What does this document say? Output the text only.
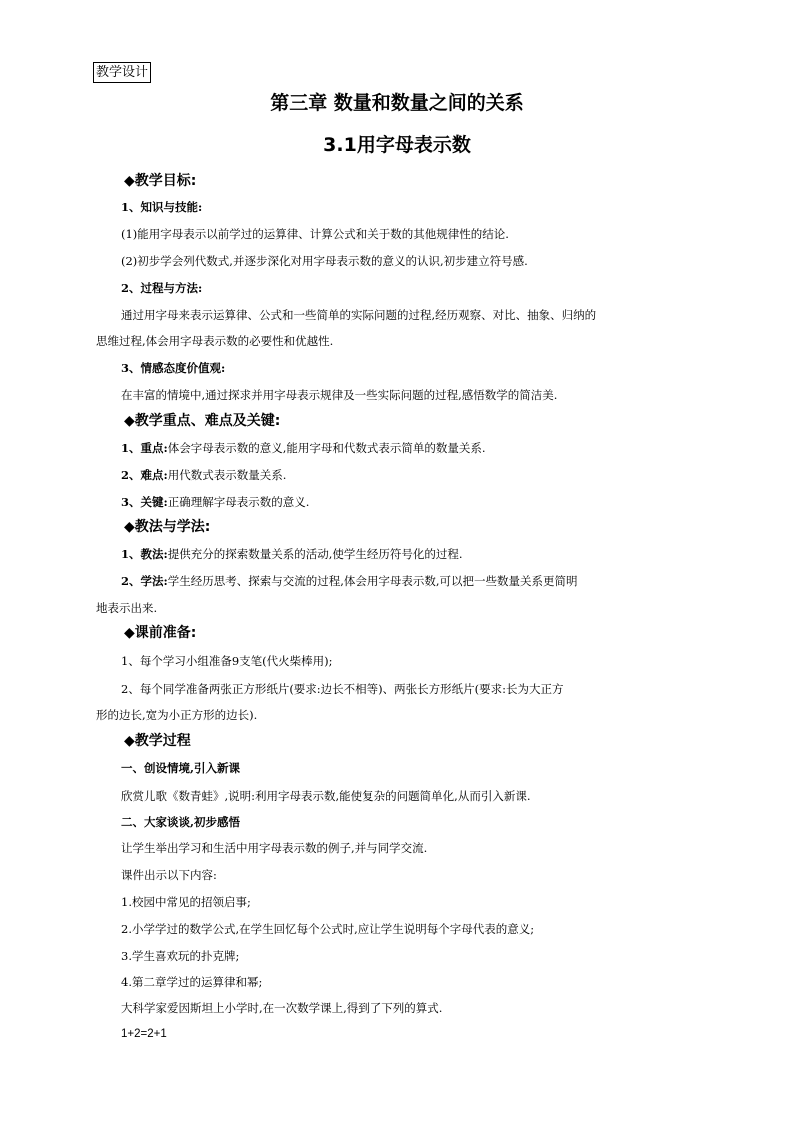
教学设计
第三章 数量和数量之间的关系
3.1用字母表示数
◆教学目标:
1、知识与技能:
(1)能用字母表示以前学过的运算律、计算公式和关于数的其他规律性的结论.
(2)初步学会列代数式,并逐步深化对用字母表示数的意义的认识,初步建立符号感.
2、过程与方法:
通过用字母来表示运算律、公式和一些简单的实际问题的过程,经历观察、对比、抽象、归纳的
思维过程,体会用字母表示数的必要性和优越性.
3、情感态度价值观:
在丰富的情境中,通过探求并用字母表示规律及一些实际问题的过程,感悟数学的简洁美.
◆教学重点、难点及关键:
1、重点:体会字母表示数的意义,能用字母和代数式表示简单的数量关系.
2、难点:用代数式表示数量关系.
3、关键:正确理解字母表示数的意义.
◆教法与学法:
1、教法:提供充分的探索数量关系的活动,使学生经历符号化的过程.
2、学法:学生经历思考、探索与交流的过程,体会用字母表示数,可以把一些数量关系更简明
地表示出来.
◆课前准备:
1、每个学习小组准备9支笔(代火柴棒用);
2、每个同学准备两张正方形纸片(要求:边长不相等)、两张长方形纸片(要求:长为大正方
形的边长,宽为小正方形的边长).
◆教学过程
一、创设情境,引入新课
欣赏儿歌《数青蛙》,说明:利用字母表示数,能使复杂的问题简单化,从而引入新课.
二、大家谈谈,初步感悟
让学生举出学习和生活中用字母表示数的例子,并与同学交流.
课件出示以下内容:
1.校园中常见的招领启事;
2.小学学过的数学公式,在学生回忆每个公式时,应让学生说明每个字母代表的意义;
3.学生喜欢玩的扑克牌;
4.第二章学过的运算律和幂;
大科学家爱因斯坦上小学时,在一次数学课上,得到了下列的算式.
1+2=2+1
